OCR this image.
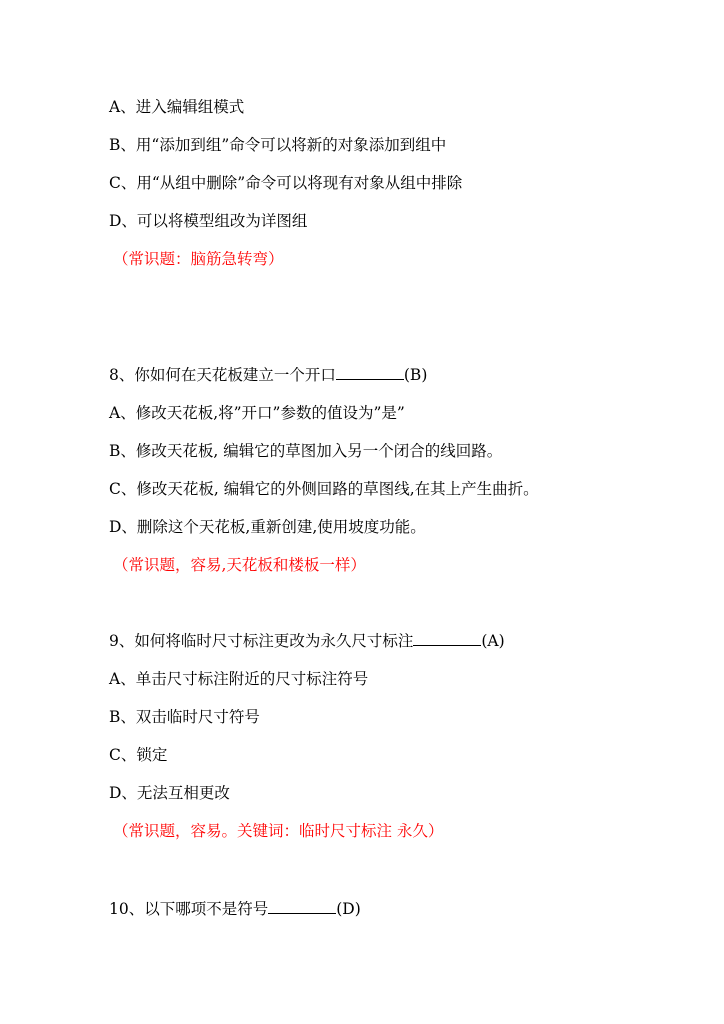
A、进入编辑组模式
B、用“添加到组”命令可以将新的对象添加到组中
C、用“从组中删除”命令可以将现有对象从组中排除
D、可以将模型组改为详图组
（常识题：脑筋急转弯）
8、你如何在天花板建立一个开口	(B)
A、修改天花板,将”开口”参数的值设为”是”
B、修改天花板, 编辑它的草图加入另一个闭合的线回路。
C、修改天花板, 编辑它的外侧回路的草图线,在其上产生曲折。
D、删除这个天花板,重新创建,使用坡度功能。
（常识题，容易,天花板和楼板一样）
9、如何将临时尺寸标注更改为永久尺寸标注	(A)
A、单击尺寸标注附近的尺寸标注符号
B、双击临时尺寸符号
C、锁定
D、无法互相更改
（常识题，容易。关键词：临时尺寸标注 永久）
10、以下哪项不是符号	(D)
